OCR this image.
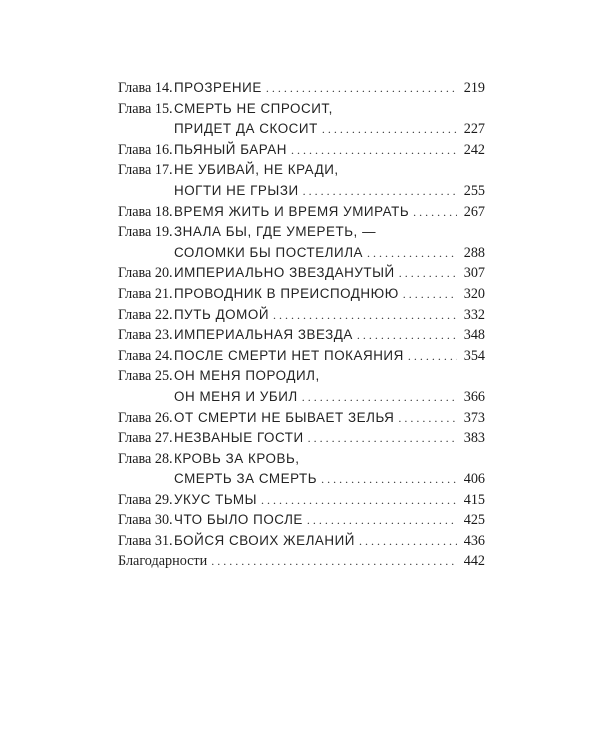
Глава 14. ПРОЗРЕНИЕ . . .	219
Глава 15. СМЕРТЬ НЕ СПРОСИТ,
ПРИДЕТ ДА СКОСИТ . . .	227
Глава 16. ПЬЯНЫЙ БАРАН . . .	242
Глава 17. НЕ УБИВАЙ, НЕ КРАДИ,
НОГТИ НЕ ГРЫЗИ . . .	255
Глава 18. ВРЕМЯ ЖИТЬ И ВРЕМЯ УМИРАТЬ . . .	267
Глава 19. ЗНАЛА БЫ, ГДЕ УМЕРЕТЬ, —
СОЛОМКИ БЫ ПОСТЕЛИЛА . . .	288
Глава 20. ИМПЕРИАЛЬНО ЗВЕЗДАНУТЫЙ . . .	307
Глава 21. ПРОВОДНИК В ПРЕИСПОДНЮЮ . . .	320
Глава 22. ПУТЬ ДОМОЙ . . .	332
Глава 23. ИМПЕРИАЛЬНАЯ ЗВЕЗДА . . .	348
Глава 24. ПОСЛЕ СМЕРТИ НЕТ ПОКАЯНИЯ . . .	354
Глава 25. ОН МЕНЯ ПОРОДИЛ,
ОН МЕНЯ И УБИЛ . . .	366
Глава 26. ОТ СМЕРТИ НЕ БЫВАЕТ ЗЕЛЬЯ . . .	373
Глава 27. НЕЗВАНЫЕ ГОСТИ . . .	383
Глава 28. КРОВЬ ЗА КРОВЬ,
СМЕРТЬ ЗА СМЕРТЬ . . .	406
Глава 29. УКУС ТЬМЫ . . .	415
Глава 30. ЧТО БЫЛО ПОСЛЕ . . .	425
Глава 31. БОЙСЯ СВОИХ ЖЕЛАНИЙ . . .	436
Благодарности . . .	442
